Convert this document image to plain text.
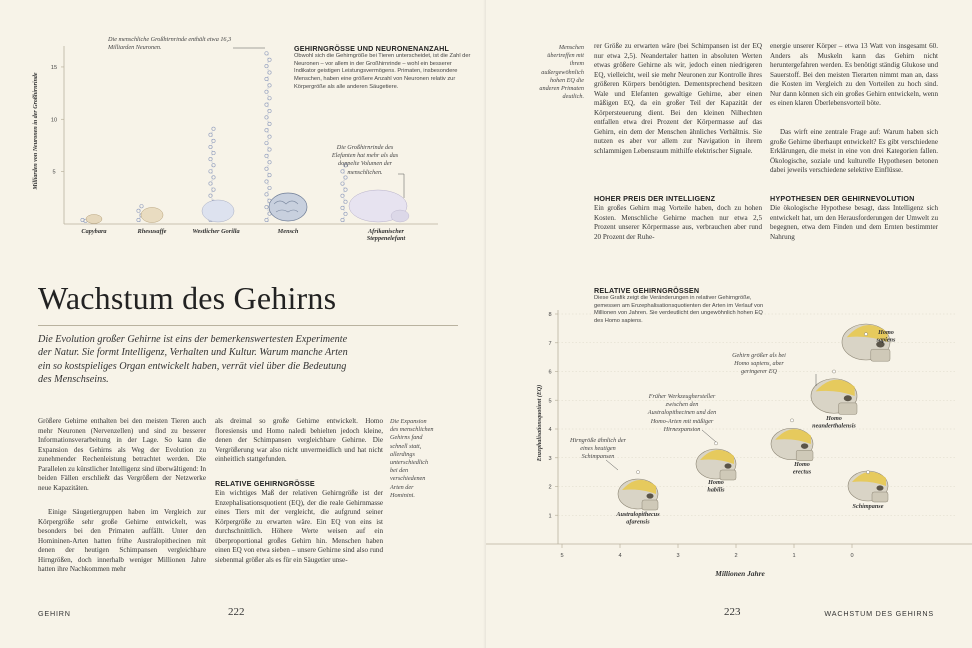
5
10
15
Milliarden von Neuronen in der Großhirnrinde
Die menschliche Großhirnrinde enthält etwa 16,3 Milliarden Neuronen.	GEHIRNGRÖSSE UND NEURONENANZAHL
Obwohl sich die Gehirngröße bei Tieren unterscheidet, ist die Zahl der Neuronen – vor allem in der Großhirnrinde – wohl ein besserer Indikator geistigen Leistungsvermögens. Primaten, insbesondere Menschen, haben eine größere Anzahl von Neuronen relativ zur Körpergröße als alle anderen Säugetiere.
Die Großhirnrinde des Elefanten hat mehr als das doppelte Volumen der menschlichen.
Capybara	Rhesusaffe	Westlicher Gorilla	Mensch	Afrikanischer Steppenelefant
Wachstum des Gehirns
Die Evolution großer Gehirne ist eins der bemerkenswertesten Experimente der Natur. Sie formt Intelligenz, Verhalten und Kultur. Warum manche Arten ein so kostspieliges Organ entwickelt haben, verrät viel über die Bedeutung des Menschseins.
Größere Gehirne enthalten bei den meisten Tieren auch mehr Neuronen (Nervenzellen) und sind zu besserer Informationsverarbeitung in der Lage. So kann die Expansion des Gehirns als Weg der Evolution zu zunehmender Rechenleistung betrachtet werden. Die Parallelen zu künstlicher Intelligenz sind überwältigend: In beiden Fällen erschließt das Vergrößern der Netzwerke neue Kapazitäten.
Einige Säugetiergruppen haben im Vergleich zur Körpergröße sehr große Gehirne entwickelt, was besonders bei den Primaten auffällt. Unter den Homininen-Arten hatten frühe Australopithecinen mit denen der heutigen Schimpansen vergleichbare Hirngrößen, doch innerhalb weniger Millionen Jahre hatten ihre Nachkommen mehr
als dreimal so große Gehirne entwickelt. Homo floresiensis und Homo naledi behielten jedoch kleine, denen der Schimpansen vergleichbare Gehirne. Die Vergrößerung war also nicht unvermeidlich und hat nicht einheitlich stattgefunden.
RELATIVE GEHIRNGRÖSSE
Ein wichtiges Maß der relativen Gehirngröße ist der Enzephalisationsquotient (EQ), der die reale Gehirnmasse eines Tiers mit der vergleicht, die aufgrund seiner Körpergröße zu erwarten wäre. Ein EQ von eins ist durchschnittlich. Höhere Werte weisen auf ein überproportional großes Gehirn hin. Menschen haben einen EQ von etwa sieben – unsere Gehirne sind also rund siebenmal größer als es für ein Säugetier unse-
Die Expansion des menschlichen Gehirns fand schnell statt, allerdings unterschiedlich bei den verschiedenen Arten der Hominini.
GEHIRN	222
Menschen übertreffen mit ihrem außergewöhnlich hohen EQ die anderen Primaten deutlich.
rer Größe zu erwarten wäre (bei Schimpansen ist der EQ nur etwa 2,5). Neandertaler hatten in absoluten Werten etwas größere Gehirne als wir, jedoch einen niedrigeren EQ, vielleicht, weil sie mehr Neuronen zur Kontrolle ihres größeren Körpers benötigten. Dementsprechend besitzen Wale und Elefanten gewaltige Gehirne, aber einen mäßigen EQ, da ein großer Teil der Kapazität der Körpersteuerung dient. Bei den kleinen Nilhechten entfallen etwa drei Prozent der Körpermasse auf das Gehirn, ein dem der Menschen ähnliches Verhältnis. Sie nutzen es aber vor allem zur Navigation in ihrem schlammigen Lebensraum mithilfe elektrischer Signale.
HOHER PREIS DER INTELLIGENZ
Ein großes Gehirn mag Vorteile haben, doch zu hohen Kosten. Menschliche Gehirne machen nur etwa 2,5 Prozent unserer Körpermasse aus, verbrauchen aber rund 20 Prozent der Ruhe-
energie unserer Körper – etwa 13 Watt von insgesamt 60. Anders als Muskeln kann das Gehirn nicht heruntergefahren werden. Es benötigt ständig Glukose und Sauerstoff. Bei den meisten Tierarten nimmt man an, dass die Kosten im Vergleich zu den Vorteilen zu hoch sind. Nur dann können sich ein großes Gehirn entwickeln, wenn es einen klaren Überlebensvorteil böte.
Das wirft eine zentrale Frage auf: Warum haben sich große Gehirne überhaupt entwickelt? Es gibt verschiedene Erklärungen, die meist in eine von drei Kategorien fallen. Ökologische, soziale und kulturelle Hypothesen betonen dabei jeweils verschiedene selektive Einflüsse.
HYPOTHESEN DER GEHIRNEVOLUTION
Die ökologische Hypothese besagt, dass Intelligenz sich entwickelt hat, um den Herausforderungen der Umwelt zu begegnen, etwa dem Finden und dem Ernten bestimmter Nahrung
1
2
3
4
5
6
7
8
5	4	3	2	1	0
Australopithecus afarensis
Homo habilis
Homo erectus
Homo neanderthalensis
Homo sapiens
Schimpanse
RELATIVE GEHIRNGRÖSSEN
Diese Grafik zeigt die Veränderungen in relativer Gehirngröße, gemessen am Enzephalisationsquotienten der Arten im Verlauf von Millionen von Jahren. Sie verdeutlicht den ungewöhnlich hohen EQ des Homo sapiens.
Enzephalisationsquotient (EQ)
Millionen Jahre
Gehirn größer als bei Homo sapiens, aber geringerer EQ
Früher Werkzeughersteller zwischen den Australopithecinen und den Homo-Arten mit mäßiger Hirnexpansion
Hirngröße ähnlich der eines heutigen Schimpansen
WACHSTUM DES GEHIRNS
223
